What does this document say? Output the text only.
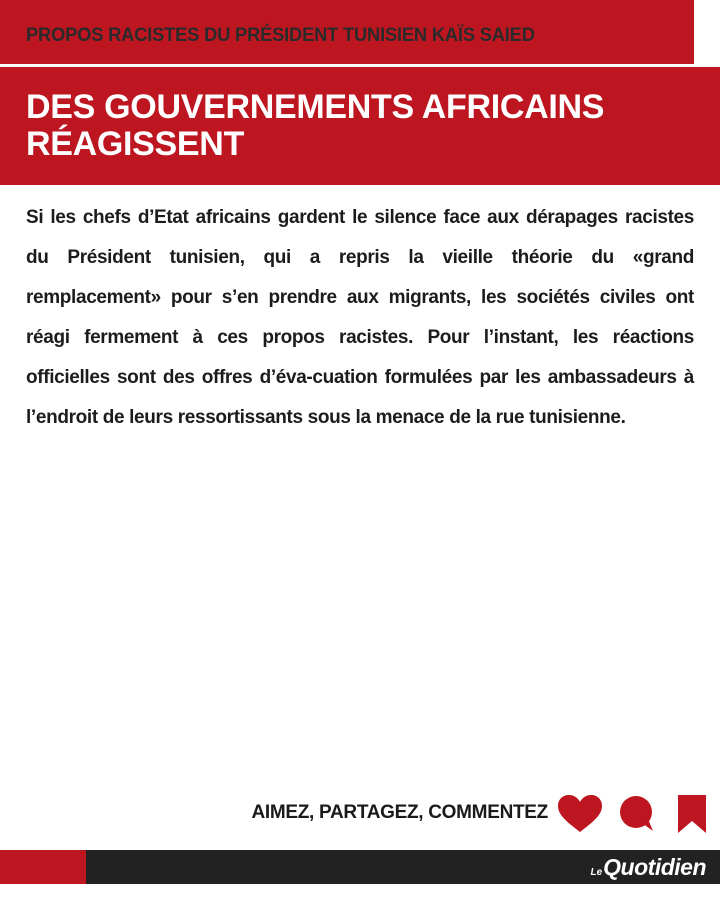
PROPOS RACISTES DU PRÉSIDENT TUNISIEN KAÏS SAIED
DES GOUVERNEMENTS AFRICAINS
RÉAGISSENT

Si les chefs d’Etat africains gardent le silence face aux dérapages racistes du Président tunisien, qui a repris la vieille théorie du «grand remplacement» pour s’en prendre aux migrants, les sociétés civiles ont réagi fermement à ces propos racistes. Pour l’instant, les réactions officielles sont des offres d’éva-cuation formulées par les ambassadeurs à l’endroit de leurs ressortissants sous la menace de la rue tunisienne.

AIMEZ, PARTAGEZ, COMMENTEZ
LeQuotidien
